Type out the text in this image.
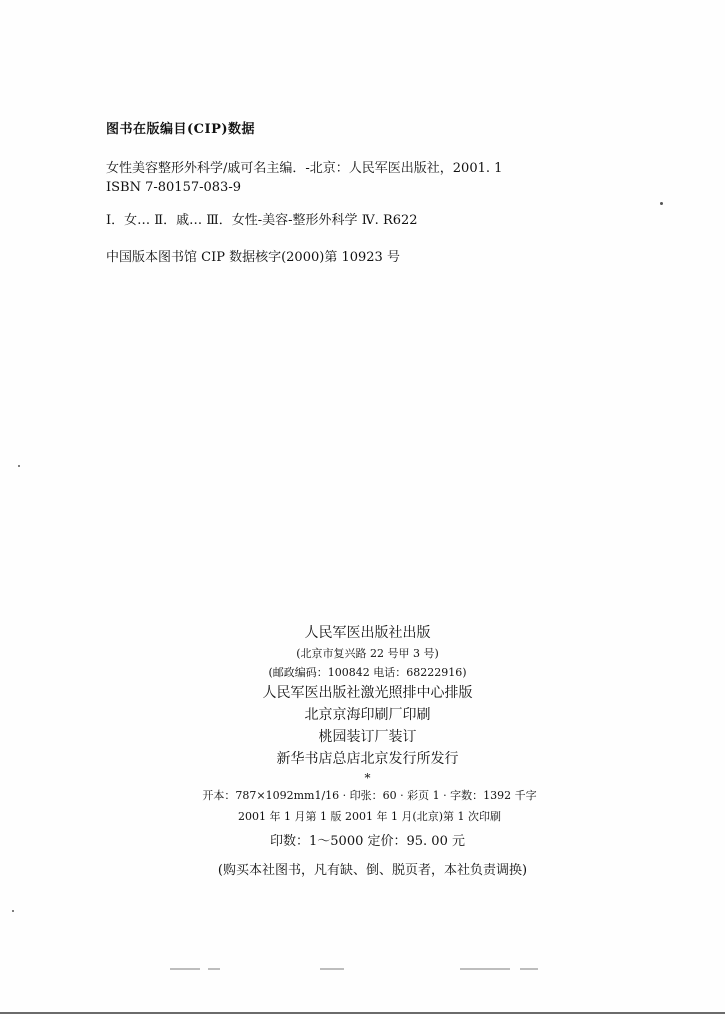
图书在版编目(CIP)数据
女性美容整形外科学/戚可名主编．-北京：人民军医出版社，2001. 1
ISBN 7-80157-083-9
Ⅰ．女… Ⅱ．戚… Ⅲ．女性-美容-整形外科学 Ⅳ. R622
中国版本图书馆 CIP 数据核字(2000)第 10923 号
人民军医出版社出版
(北京市复兴路 22 号甲 3 号)
(邮政编码：100842 电话：68222916)
人民军医出版社激光照排中心排版
北京京海印刷厂印刷
桃园装订厂装订
新华书店总店北京发行所发行
*
开本：787×1092mm1/16 · 印张：60 · 彩页 1 · 字数：1392 千字
2001 年 1 月第 1 版 2001 年 1 月(北京)第 1 次印刷
印数：1～5000 定价：95. 00 元
(购买本社图书，凡有缺、倒、脱页者，本社负责调换)
